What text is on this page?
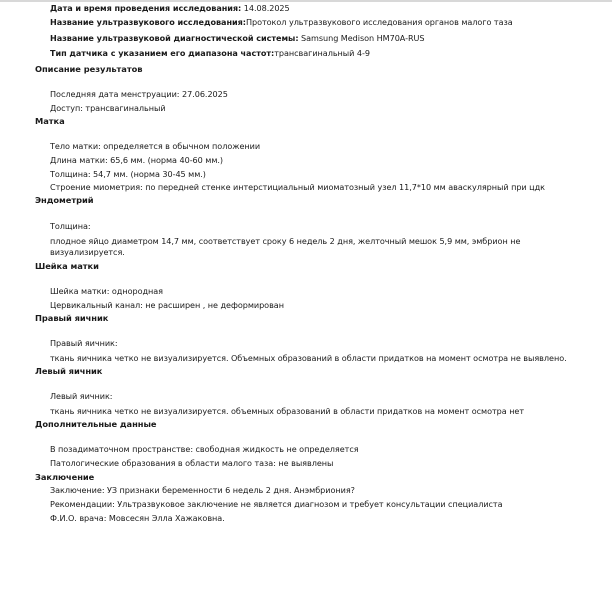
Дата и время проведения исследования: 14.08.2025
Название ультразвукового исследования:Протокол ультразвукового исследования органов малого таза
Название ультразвуковой диагностической системы: Samsung Medison HM70A-RUS
Тип датчика с указанием его диапазона частот:трансвагинальный 4-9
Описание результатов
Последняя дата менструации: 27.06.2025
Доступ: трансвагинальный
Матка
Тело матки: определяется в обычном положении
Длина матки: 65,6 мм. (норма 40-60 мм.)
Толщина: 54,7 мм. (норма 30-45 мм.)
Строение миометрия: по передней стенке интерстициальный миоматозный узел 11,7*10 мм аваскулярный при цдк
Эндометрий
Толщина:
плодное яйцо диаметром 14,7 мм, соответствует сроку 6 недель 2 дня, желточный мешок 5,9 мм, эмбрион не визуализируется.
Шейка матки
Шейка матки: однородная
Цервикальный канал: не расширен , не деформирован
Правый яичник
Правый яичник:
ткань яичника четко не визуализируется. Объемных образований в области придатков на момент осмотра не выявлено.
Левый яичник
Левый яичник:
ткань яичника четко не визуализируется. объемных образований в области придатков на момент осмотра нет
Дополнительные данные
В позадиматочном пространстве: свободная жидкость не определяется
Патологические образования в области малого таза: не выявлены
Заключение
Заключение: УЗ признаки беременности 6 недель 2 дня. Анэмбриония?
Рекомендации: Ультразвуковое заключение не является диагнозом и требует консультации специалиста
Ф.И.О. врача: Мовсесян Элла Хажаковна.
